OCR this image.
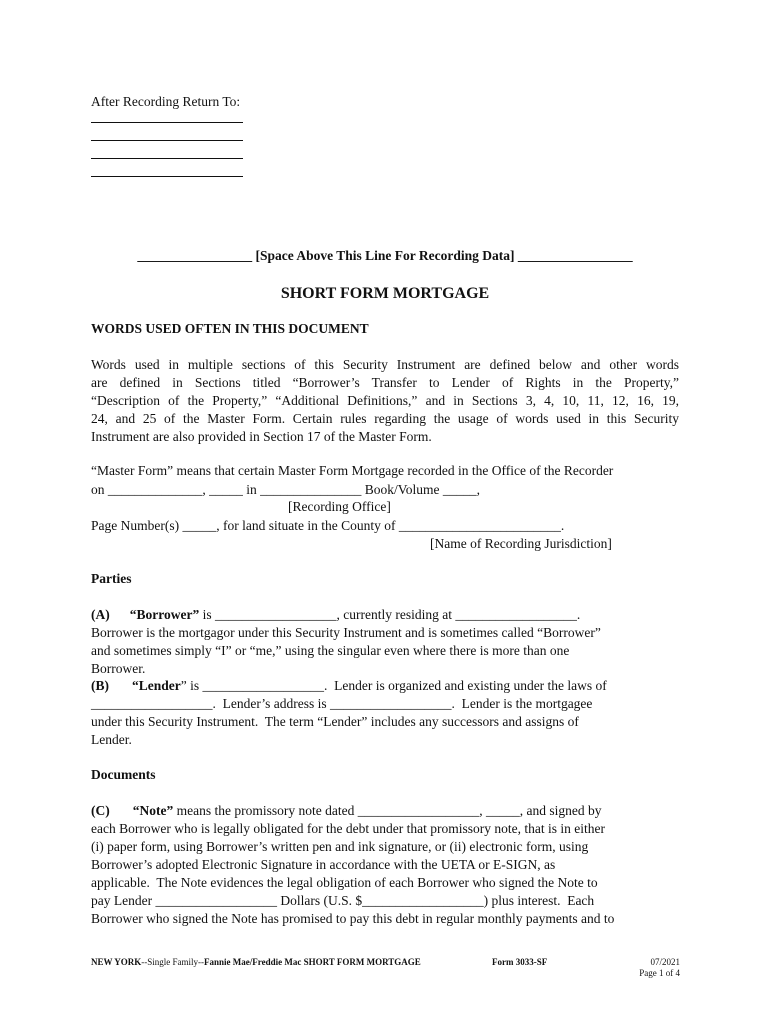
After Recording Return To:
_________________ [Space Above This Line For Recording Data] _________________
SHORT FORM MORTGAGE
WORDS USED OFTEN IN THIS DOCUMENT
Words used in multiple sections of this Security Instrument are defined below and other words
are defined in Sections titled “Borrower’s Transfer to Lender of Rights in the Property,”
“Description of the Property,” “Additional Definitions,” and in Sections 3, 4, 10, 11, 12, 16, 19,
24, and 25 of the Master Form. Certain rules regarding the usage of words used in this Security
Instrument are also provided in Section 17 of the Master Form.
“Master Form” means that certain Master Form Mortgage recorded in the Office of the Recorder
on ______________, _____ in _______________ Book/Volume _____,
[Recording Office]
Page Number(s) _____, for land situate in the County of ________________________.
[Name of Recording Jurisdiction]
Parties
(A) “Borrower” is __________________, currently residing at __________________.
Borrower is the mortgagor under this Security Instrument and is sometimes called “Borrower”
and sometimes simply “I” or “me,” using the singular even where there is more than one
Borrower.
(B) “Lender” is __________________.  Lender is organized and existing under the laws of
__________________.  Lender’s address is __________________.  Lender is the mortgagee
under this Security Instrument.  The term “Lender” includes any successors and assigns of
Lender.
Documents
(C) “Note” means the promissory note dated __________________, _____, and signed by
each Borrower who is legally obligated for the debt under that promissory note, that is in either
(i) paper form, using Borrower’s written pen and ink signature, or (ii) electronic form, using
Borrower’s adopted Electronic Signature in accordance with the UETA or E-SIGN, as
applicable.  The Note evidences the legal obligation of each Borrower who signed the Note to
pay Lender __________________ Dollars (U.S. $__________________) plus interest.  Each
Borrower who signed the Note has promised to pay this debt in regular monthly payments and to
NEW YORK--Single Family--Fannie Mae/Freddie Mac SHORT FORM MORTGAGE	Form 3033-SF	07/2021
Page 1 of 4
